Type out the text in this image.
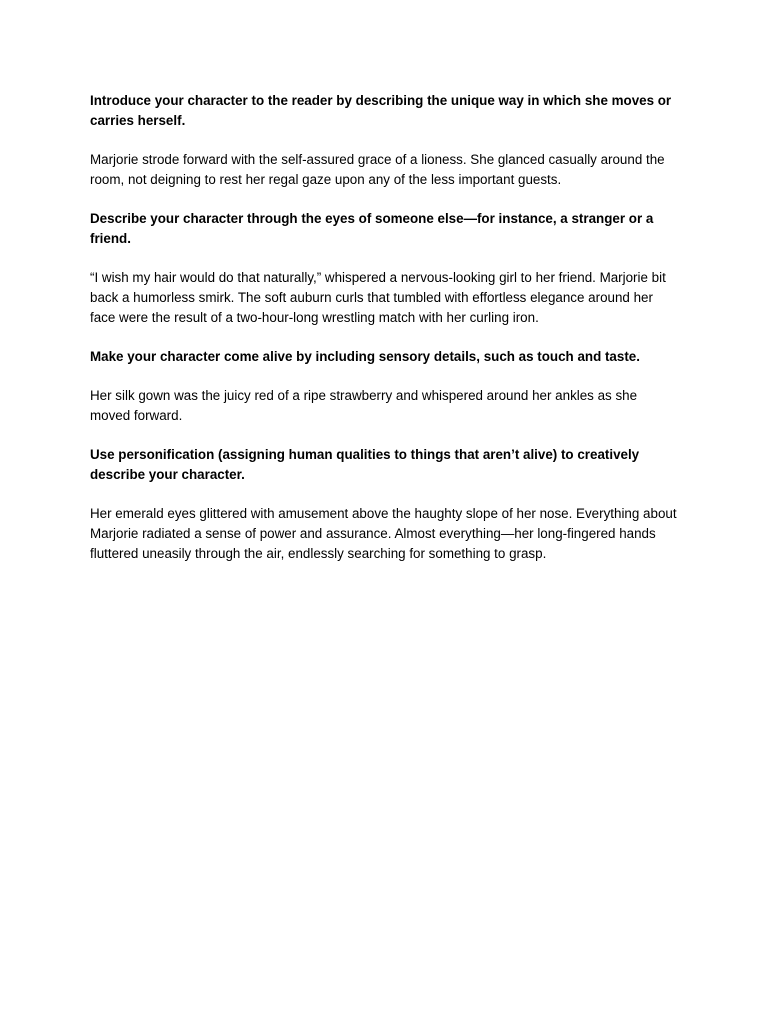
Introduce your character to the reader by describing the unique way in which she moves or carries herself.

Marjorie strode forward with the self-assured grace of a lioness. She glanced casually around the room, not deigning to rest her regal gaze upon any of the less important guests.

Describe your character through the eyes of someone else—for instance, a stranger or a friend.

“I wish my hair would do that naturally,” whispered a nervous-looking girl to her friend. Marjorie bit back a humorless smirk. The soft auburn curls that tumbled with effortless elegance around her face were the result of a two-hour-long wrestling match with her curling iron.

Make your character come alive by including sensory details, such as touch and taste.

Her silk gown was the juicy red of a ripe strawberry and whispered around her ankles as she moved forward.

Use personification (assigning human qualities to things that aren’t alive) to creatively describe your character.

Her emerald eyes glittered with amusement above the haughty slope of her nose. Everything about Marjorie radiated a sense of power and assurance. Almost everything—her long-fingered hands fluttered uneasily through the air, endlessly searching for something to grasp.
